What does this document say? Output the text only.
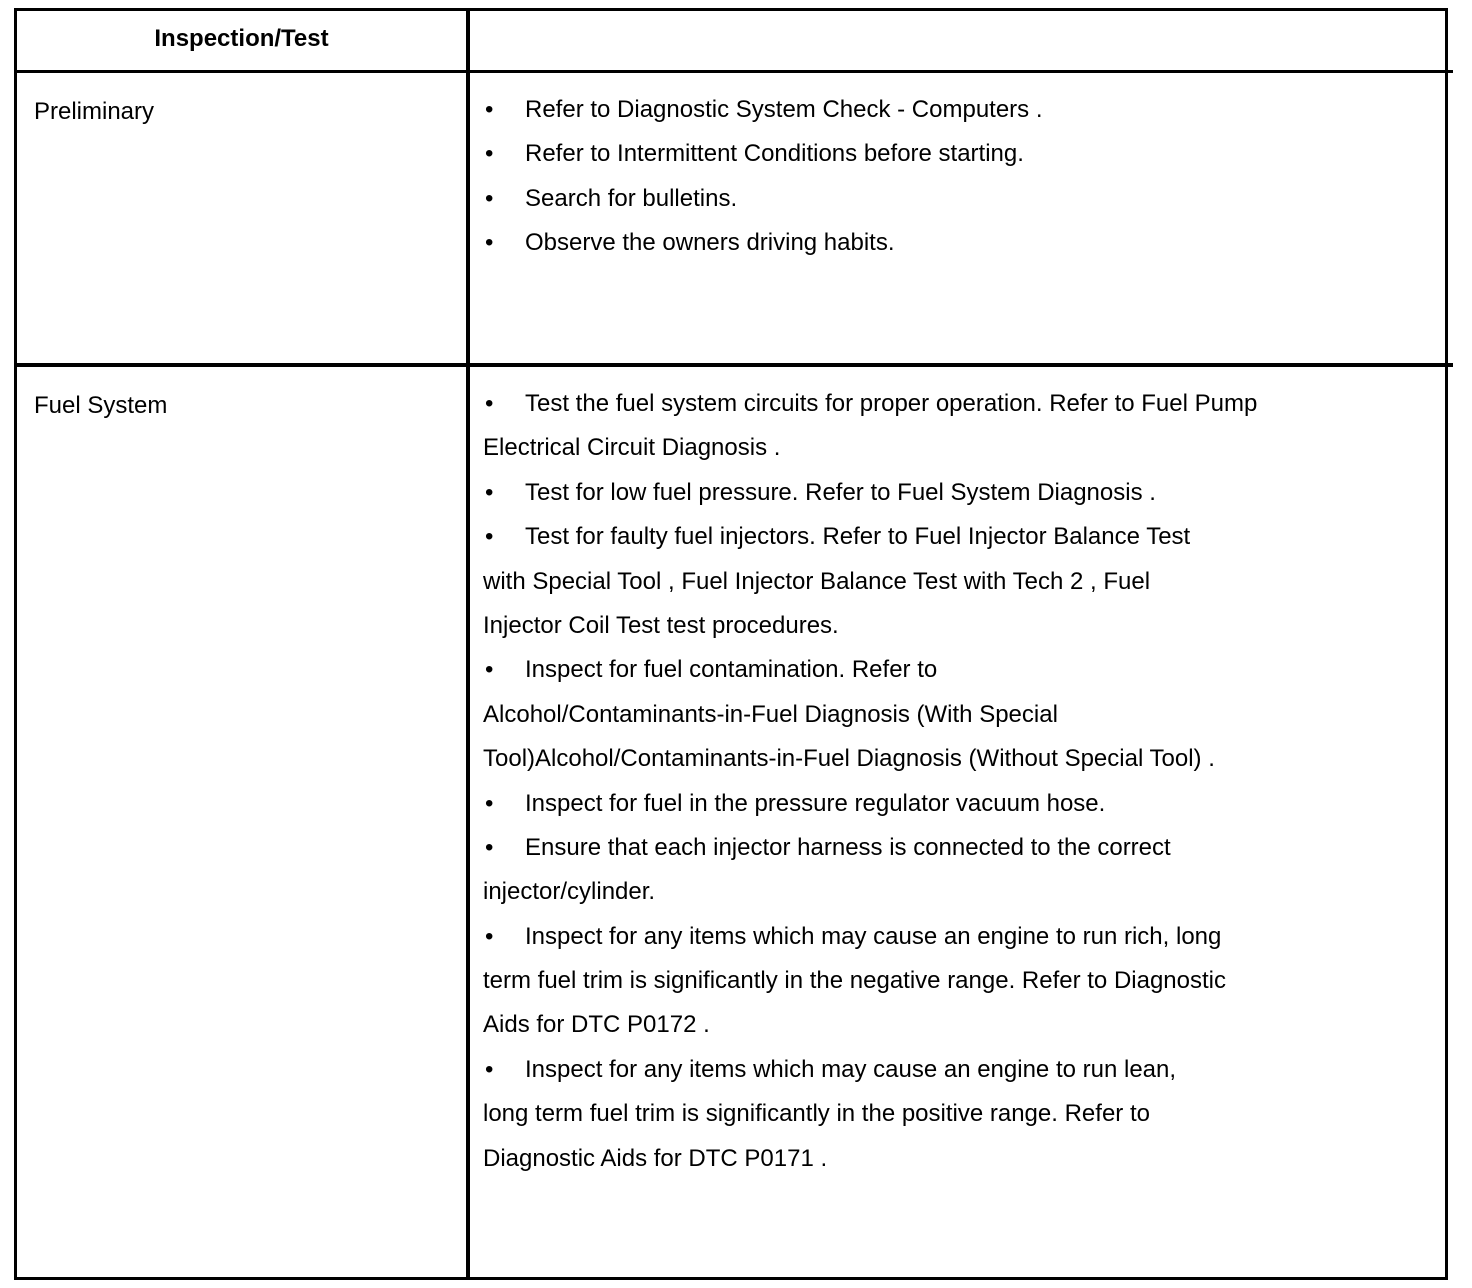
Inspection/Test
Preliminary	• Refer to Diagnostic System Check - Computers .
• Refer to Intermittent Conditions before starting.
• Search for bulletins.
• Observe the owners driving habits.
Fuel System	• Test the fuel system circuits for proper operation. Refer to Fuel Pump
Electrical Circuit Diagnosis .
• Test for low fuel pressure. Refer to Fuel System Diagnosis .
• Test for faulty fuel injectors. Refer to Fuel Injector Balance Test
with Special Tool , Fuel Injector Balance Test with Tech 2 , Fuel
Injector Coil Test test procedures.
• Inspect for fuel contamination. Refer to
Alcohol/Contaminants-in-Fuel Diagnosis (With Special
Tool)Alcohol/Contaminants-in-Fuel Diagnosis (Without Special Tool) .
• Inspect for fuel in the pressure regulator vacuum hose.
• Ensure that each injector harness is connected to the correct
injector/cylinder.
• Inspect for any items which may cause an engine to run rich, long
term fuel trim is significantly in the negative range. Refer to Diagnostic
Aids for DTC P0172 .
• Inspect for any items which may cause an engine to run lean,
long term fuel trim is significantly in the positive range. Refer to
Diagnostic Aids for DTC P0171 .
